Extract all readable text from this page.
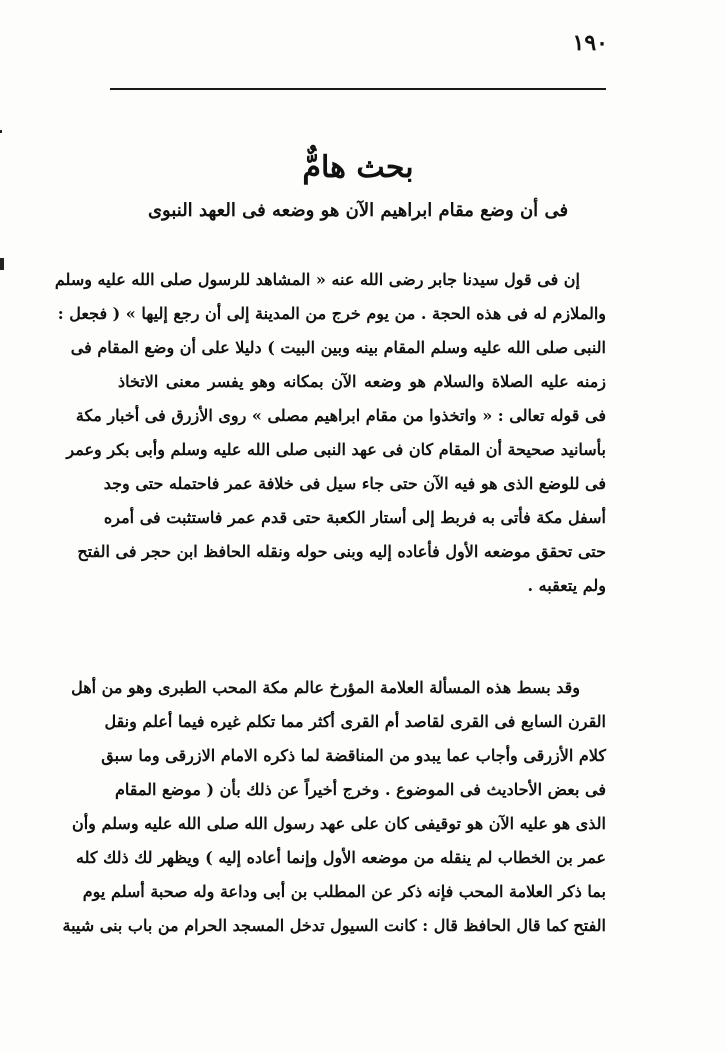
١٩٠
بحث هامٌّ
فى أن وضع مقام ابراهيم الآن هو وضعه فى العهد النبوى
إن فى قول سيدنا جابر رضى الله عنه « المشاهد للرسول صلى الله عليه وسلم
والملازم له فى هذه الحجة . من يوم خرج من المدينة إلى أن رجع إليها » ( فجعل :
النبى صلى الله عليه وسلم المقام بينه وبين البيت ) دليلا على أن وضع المقام فى
زمنه عليه الصلاة والسلام هو وضعه الآن بمكانه وهو يفسر معنى الاتخاذ
فى قوله تعالى : « واتخذوا من مقام ابراهيم مصلى » روى الأزرق فى أخبار مكة
بأسانيد صحيحة أن المقام كان فى عهد النبى صلى الله عليه وسلم وأبى بكر وعمر
فى للوضع الذى هو فيه الآن حتى جاء سيل فى خلافة عمر فاحتمله حتى وجد
أسفل مكة فأتى به فربط إلى أستار الكعبة حتى قدم عمر فاستثبت فى أمره
حتى تحقق موضعه الأول فأعاده إليه وبنى حوله ونقله الحافظ ابن حجر فى الفتح
ولم يتعقبه .
وقد بسط هذه المسألة العلامة المؤرخ عالم مكة المحب الطبرى وهو من أهل
القرن السابع فى القرى لقاصد أم القرى أكثر مما تكلم غيره فيما أعلم ونقل
كلام الأزرقى وأجاب عما يبدو من المناقضة لما ذكره الامام الازرقى وما سبق
فى بعض الأحاديث فى الموضوع . وخرج أخيراً عن ذلك بأن ( موضع المقام
الذى هو عليه الآن هو توقيفى كان على عهد رسول الله صلى الله عليه وسلم وأن
عمر بن الخطاب لم ينقله من موضعه الأول وإنما أعاده إليه ) ويظهر لك ذلك كله
بما ذكر العلامة المحب فإنه ذكر عن المطلب بن أبى وداعة وله صحبة أسلم يوم
الفتح كما قال الحافظ قال : كانت السيول تدخل المسجد الحرام من باب بنى شيبة
